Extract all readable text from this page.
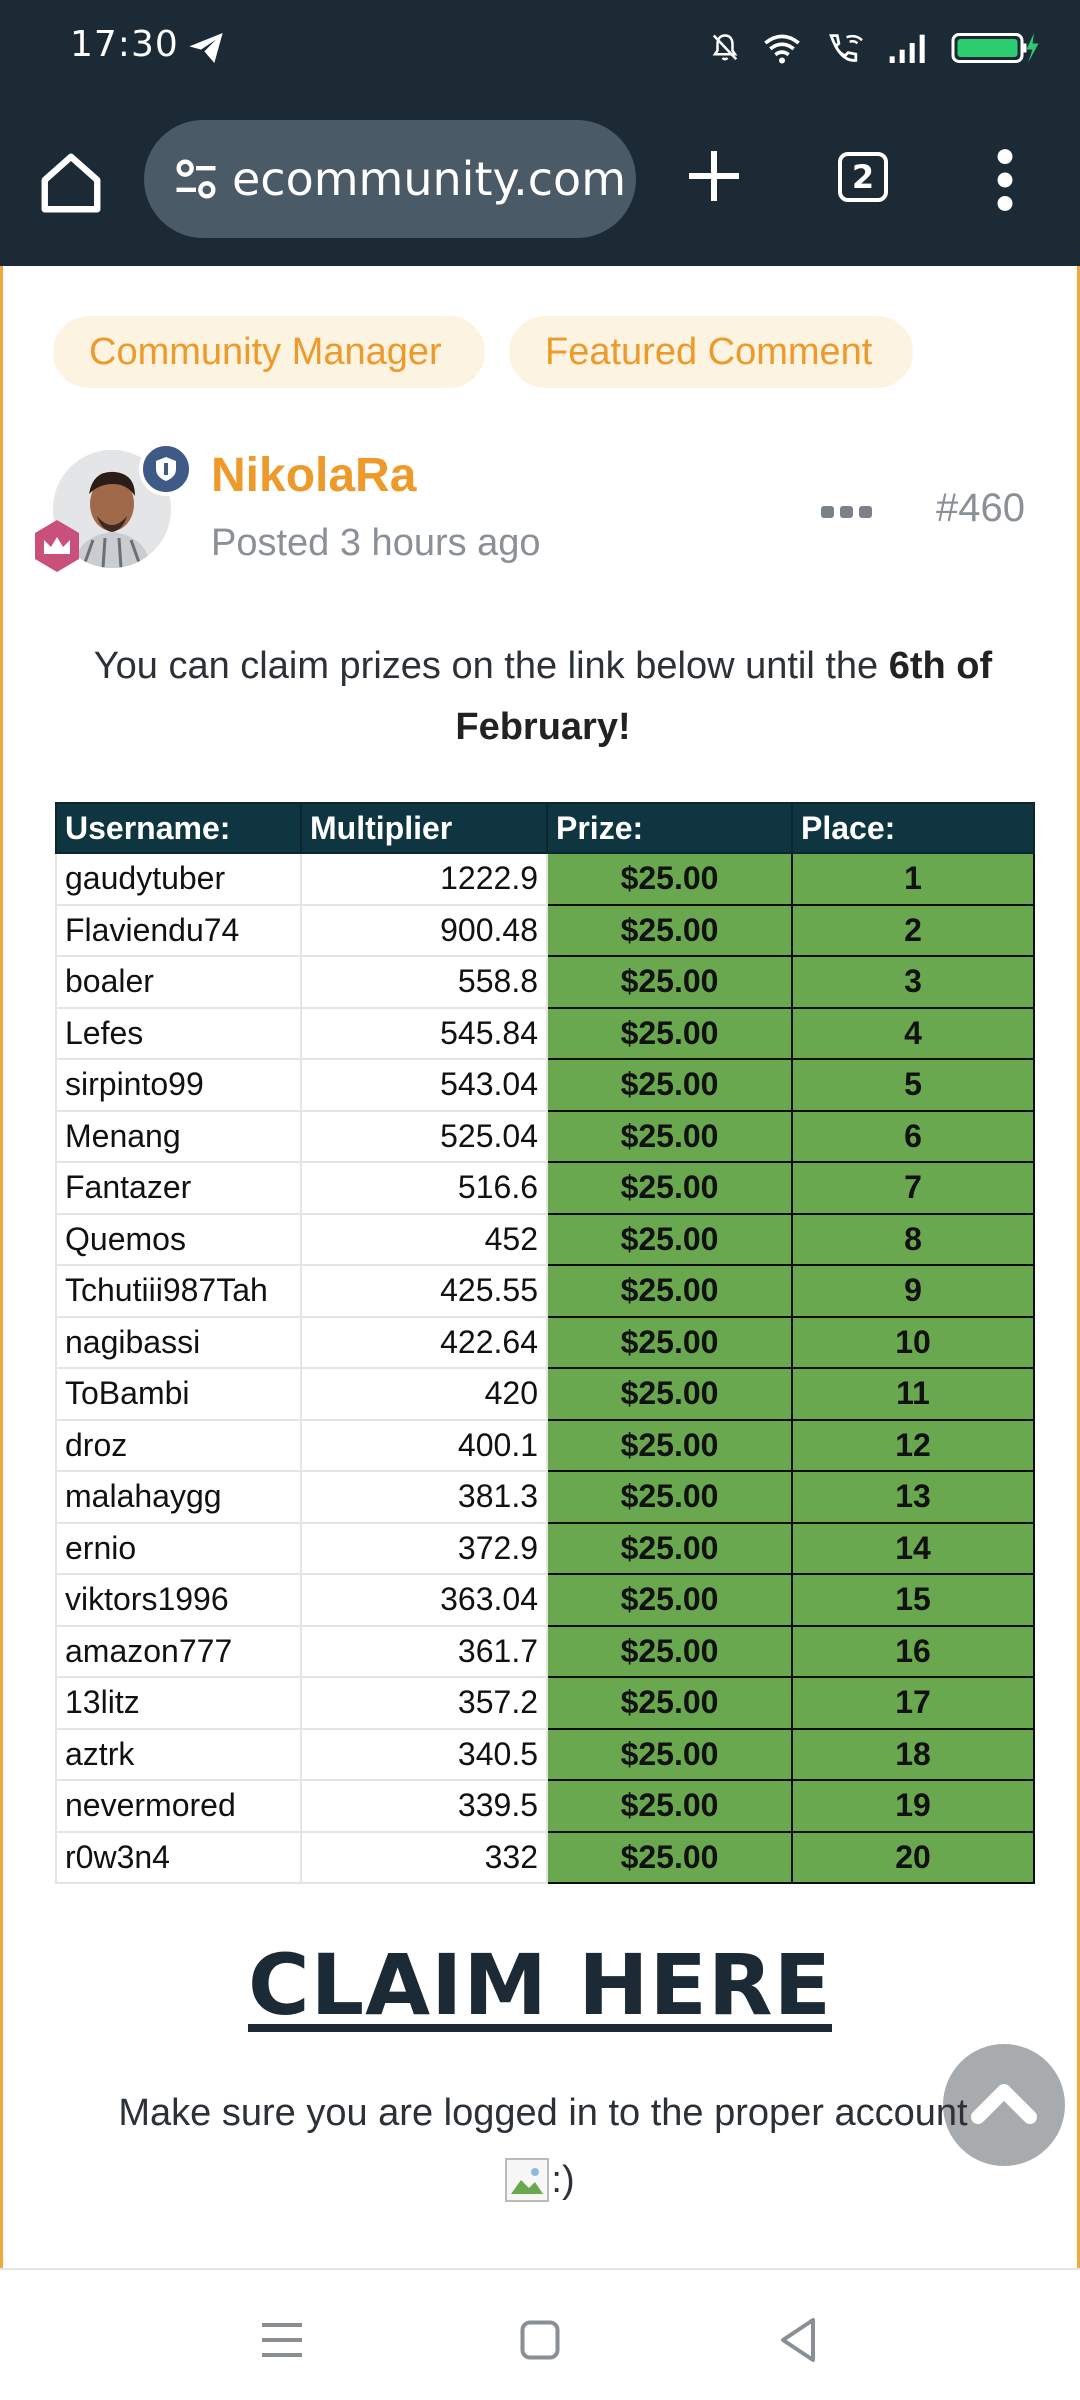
17:30
ecommunity.com	2
Community Manager	Featured Comment
NikolaRa
Posted 3 hours ago
#460
You can claim prizes on the link below until the 6th of February!
Username:	Multiplier	Prize:	Place:
gaudytuber	1222.9	$25.00	1
Flaviendu74	900.48	$25.00	2
boaler	558.8	$25.00	3
Lefes	545.84	$25.00	4
sirpinto99	543.04	$25.00	5
Menang	525.04	$25.00	6
Fantazer	516.6	$25.00	7
Quemos	452	$25.00	8
Tchutiii987Tah	425.55	$25.00	9
nagibassi	422.64	$25.00	10
ToBambi	420	$25.00	11
droz	400.1	$25.00	12
malahaygg	381.3	$25.00	13
ernio	372.9	$25.00	14
viktors1996	363.04	$25.00	15
amazon777	361.7	$25.00	16
13litz	357.2	$25.00	17
aztrk	340.5	$25.00	18
nevermored	339.5	$25.00	19
r0w3n4	332	$25.00	20
CLAIM HERE
Make sure you are logged in to the proper account
:)
